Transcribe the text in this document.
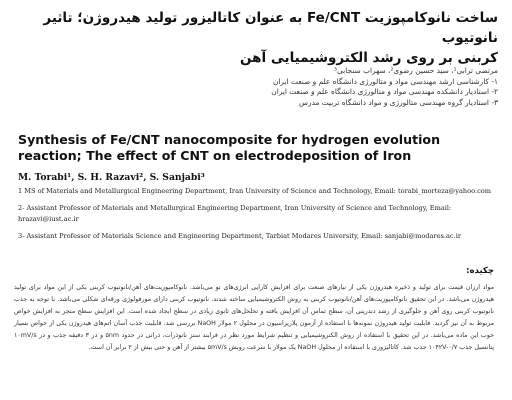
ساخت نانوکامپوزیت Fe/CNT به عنوان کاتالیزور تولید هیدروژن؛ تاثیر نانوتیوب
کربنی بر روی رشد الکتروشیمیایی آهن
مرتضی ترابی¹، سید حسین رضوی²، سهراب سنجابی³
۱- کارشناسی ارشد مهندسی مواد و متالورژی دانشگاه علم و صنعت ایران
۲- استادیار دانشکده مهندسی مواد و متالورژی دانشگاه علم و صنعت ایران
۳- استادیار گروه مهندسی متالورژی و مواد دانشگاه تربیت مدرس
Synthesis of Fe/CNT nanocomposite for hydrogen evolution reaction; The effect of CNT on electrodeposition of Iron
M. Torabi¹, S. H. Razavi², S. Sanjabi³

1 MS of Materials and Metallurgical Engineering Department, Iran University of Science and Technology, Email: torabi_morteza@yahoo.com

2- Assistant Professor of Materials and Metallurgical Engineering Department, Iran University of Science and Technology, Email: hrazavi@iust.ac.ir

3- Assistant Professor of Materials Science and Engineering Department, Tarbiat Modares University, Email: sanjabi@modares.ac.ir

چکیده:
مواد ارزان قیمت برای تولید و ذخیره هیدروژن یکی از نیازهای صنعت برای افزایش کارایی انرژی‌های نو می‌باشد. نانوکامپوزیت‌های آهن/نانوتیوب کربنی یکی از این مواد برای تولید هیدروژن می‌باشد. در این تحقیق نانوکامپوزیت‌های آهن/نانوتیوب کربنی به روش الکتروشیمیایی ساخته شدند. نانوتیوب کربنی دارای مورفولوژی ورقه‌ای شکلی می‌باشد. با توجه به جذب نانوتیوب کربنی روی آهن و جلوگیری از رشد دندریتی آن، سطح تماس آن افزایش یافته و تخلخل‌های ثانوی زیادی در سطح ایجاد شده است. این افزایش سطح منجر به افزایش خواص مربوط به آن نیز گردید. قابلیت تولید هیدروژن نمونه‌ها با استفاده از آزمون پلاریزاسیون در محلول ۲ مولار NaOH بررسی شد. قابلیت جذب آسان اتم‌های هیدروژن یکی از خواص بسیار خوب این ماده می‌باشد. در این تحقیق با استفاده از روش الکتروشیمیایی و تنظیم شرایط مورد نظر در فرایند ستز نانوذرات، ذراتی در حدود ۵nm و در ۳ دقیقه جذب و در ۱۰mV/s پتانسیل جذب ۱۰۴۲V-۰/۷ جذب شد. کاتالیزوری با استفاده از محلول NaOH یک مولار با سرعت روبش ۵mV/s بیشتر از آهن و حتی بیش از ۲ برابر آن است.
